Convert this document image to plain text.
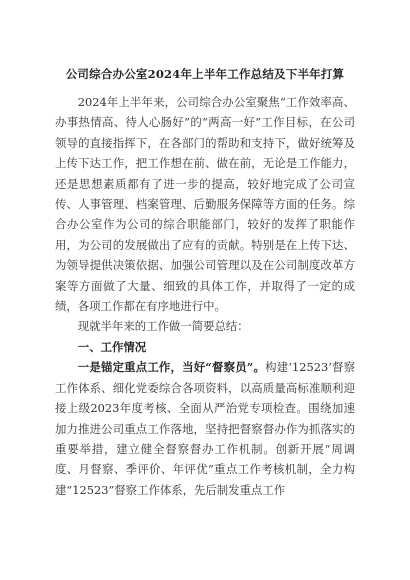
公司综合办公室2024年上半年工作总结及下半年打算

2024年上半年来，公司综合办公室聚焦“工作效率高、办事热情高、待人心肠好”的“两高一好”工作目标，在公司领导的直接指挥下，在各部门的帮助和支持下，做好统筹及上传下达工作，把工作想在前、做在前，无论是工作能力，还是思想素质都有了进一步的提高，较好地完成了公司宣传、人事管理、档案管理、后勤服务保障等方面的任务。综合办公室作为公司的综合职能部门，较好的发挥了职能作用，为公司的发展做出了应有的贡献。特别是在上传下达、为领导提供决策依据、加强公司管理以及在公司制度改革方案等方面做了大量、细致的具体工作，并取得了一定的成绩，各项工作都在有序地进行中。

现就半年来的工作做一简要总结：

一、工作情况

一是锚定重点工作，当好“督察员”。构建‘12523’督察工作体系、细化党委综合各项资料，以高质量高标准顺利迎接上级2023年度考核、全面从严治党专项检查。围绕加速加力推进公司重点工作落地，坚持把督察督办作为抓落实的重要举措，建立健全督察督办工作机制。创新开展“周调度、月督察、季评价、年评优”重点工作考核机制，全力构建“12523”督察工作体系，先后制发重点工作
